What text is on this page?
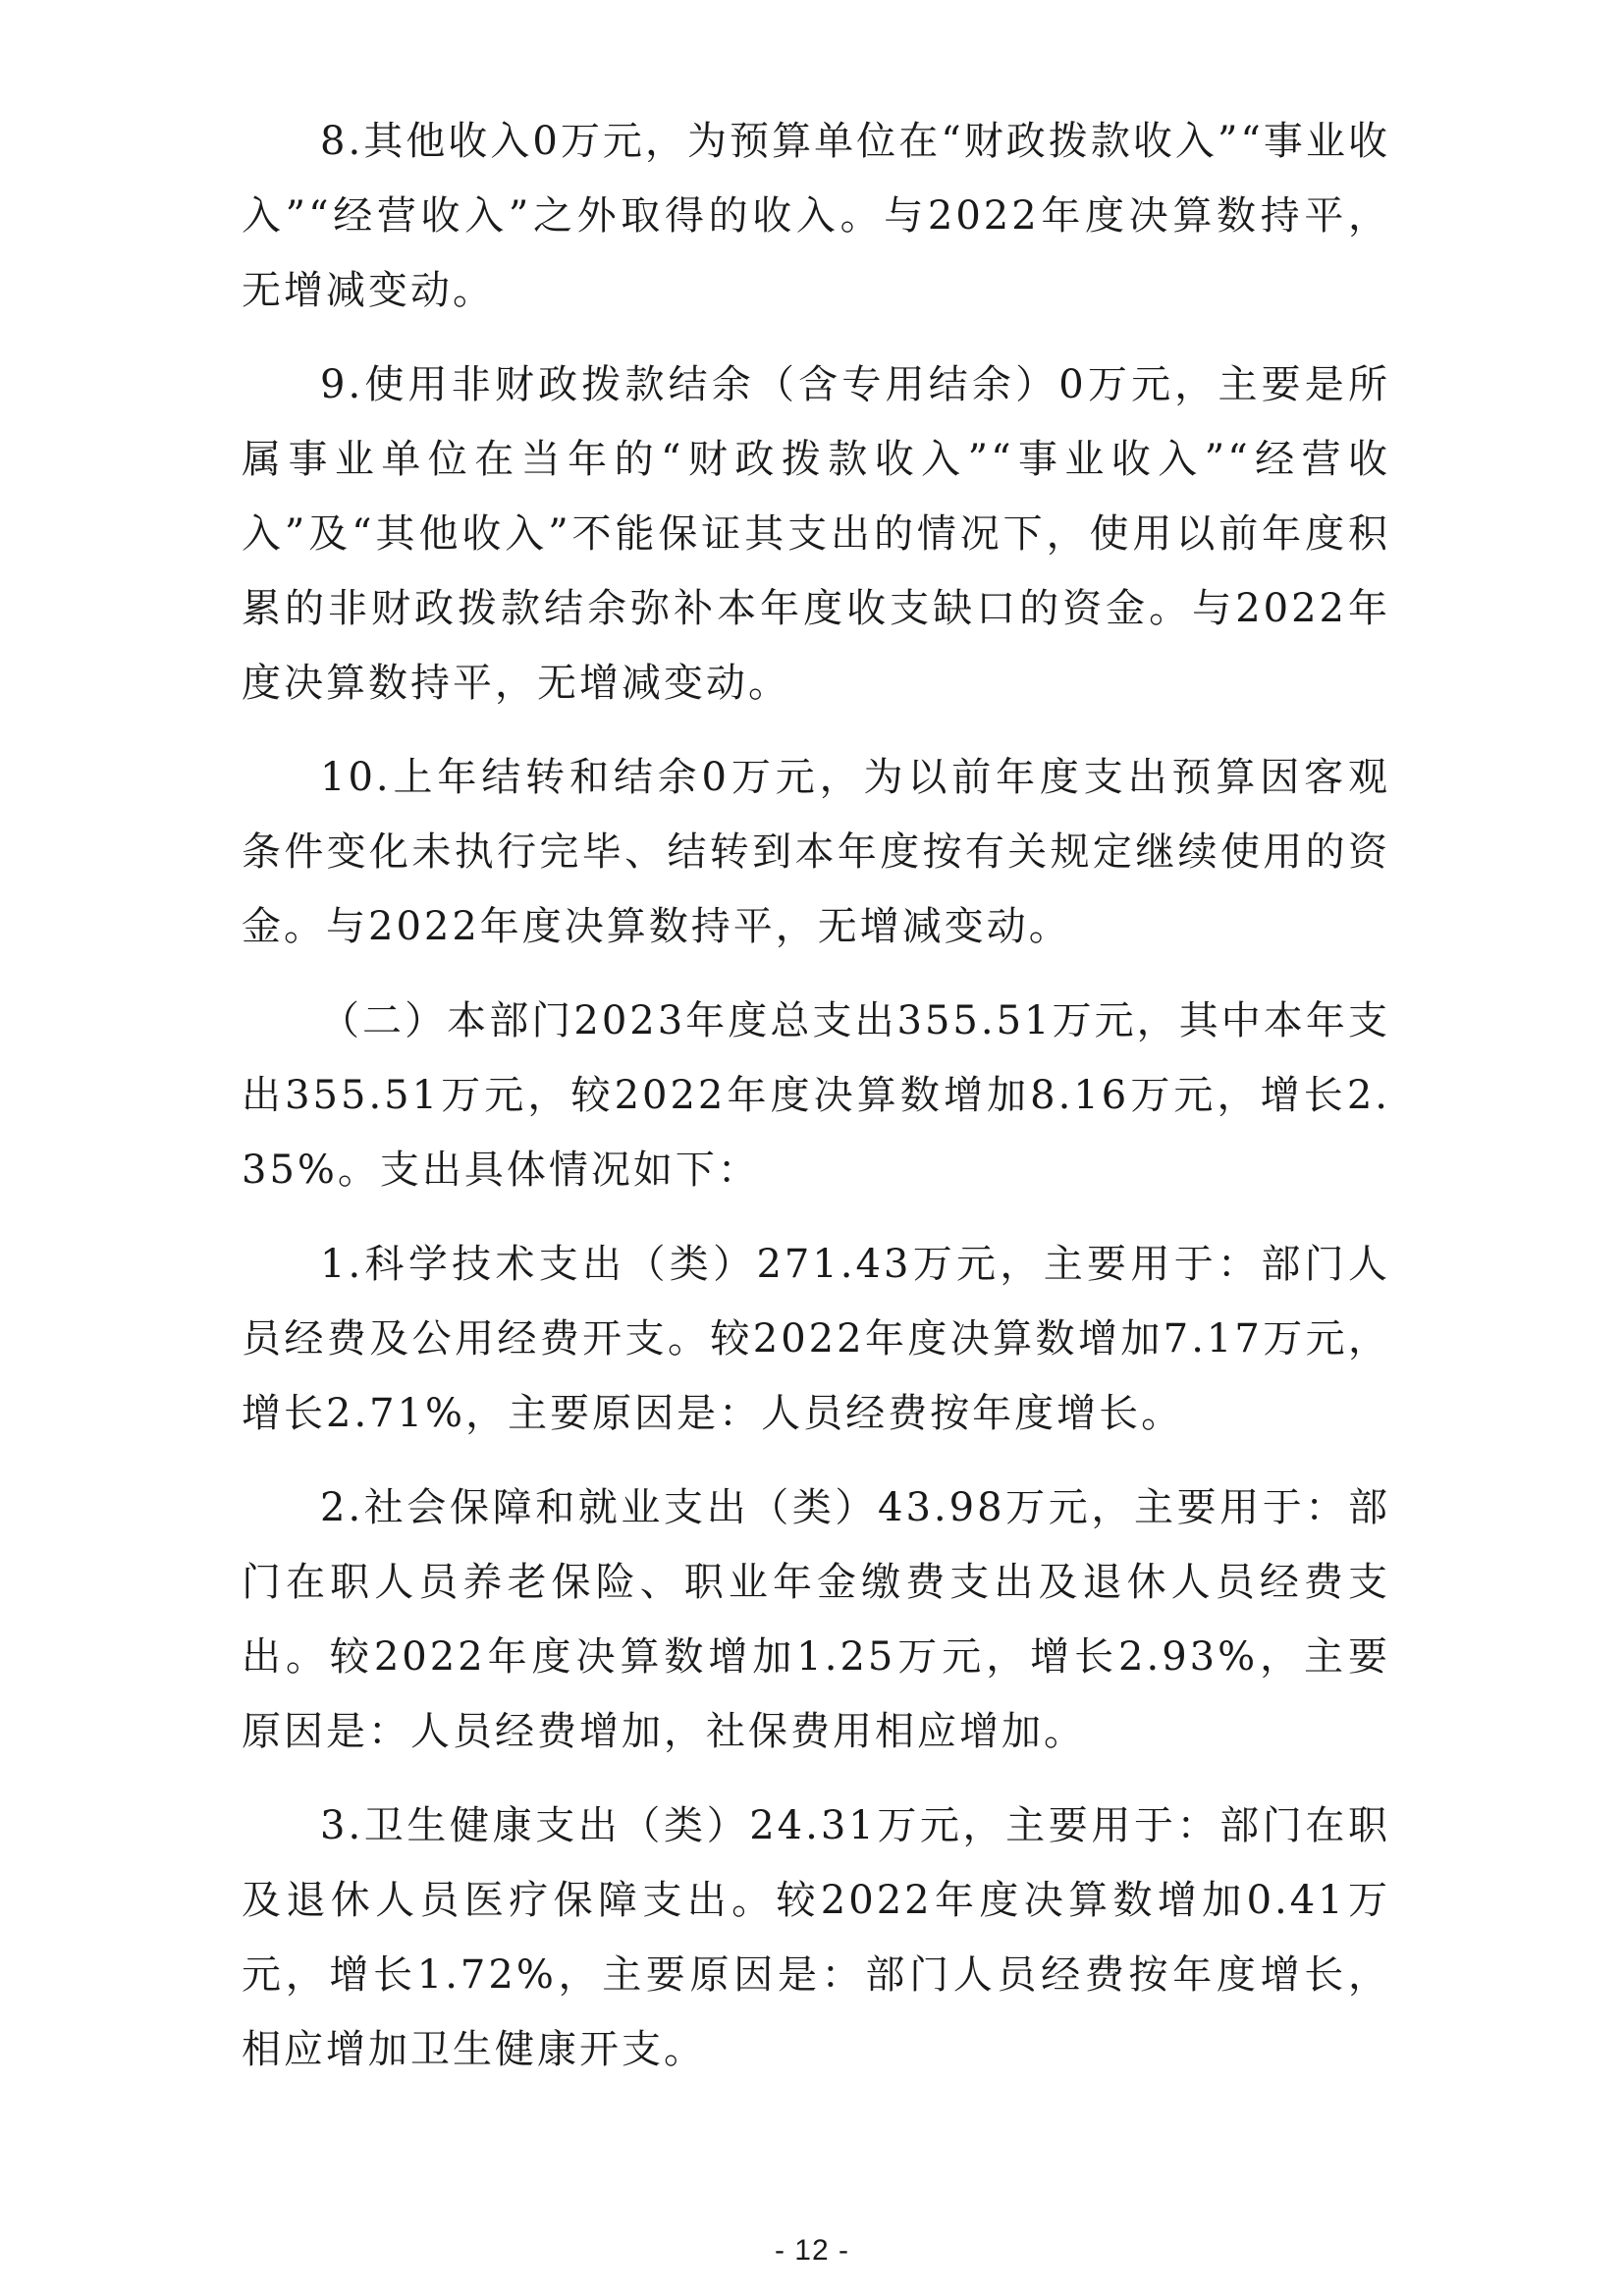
8.其他收入0万元，为预算单位在“财政拨款收入”“事业收入”“经营收入”之外取得的收入。与2022年度决算数持平，无增减变动。

9.使用非财政拨款结余（含专用结余）0万元，主要是所属事业单位在当年的“财政拨款收入”“事业收入”“经营收入”及“其他收入”不能保证其支出的情况下，使用以前年度积累的非财政拨款结余弥补本年度收支缺口的资金。与2022年度决算数持平，无增减变动。

10.上年结转和结余0万元，为以前年度支出预算因客观条件变化未执行完毕、结转到本年度按有关规定继续使用的资金。与2022年度决算数持平，无增减变动。

（二）本部门2023年度总支出355.51万元，其中本年支出355.51万元，较2022年度决算数增加8.16万元，增长2.35%。支出具体情况如下：

1.科学技术支出（类）271.43万元，主要用于：部门人员经费及公用经费开支。较2022年度决算数增加7.17万元，增长2.71%，主要原因是：人员经费按年度增长。

2.社会保障和就业支出（类）43.98万元，主要用于：部门在职人员养老保险、职业年金缴费支出及退休人员经费支出。较2022年度决算数增加1.25万元，增长2.93%，主要原因是：人员经费增加，社保费用相应增加。

3.卫生健康支出（类）24.31万元，主要用于：部门在职及退休人员医疗保障支出。较2022年度决算数增加0.41万元，增长1.72%，主要原因是：部门人员经费按年度增长，相应增加卫生健康开支。

- 12 -
